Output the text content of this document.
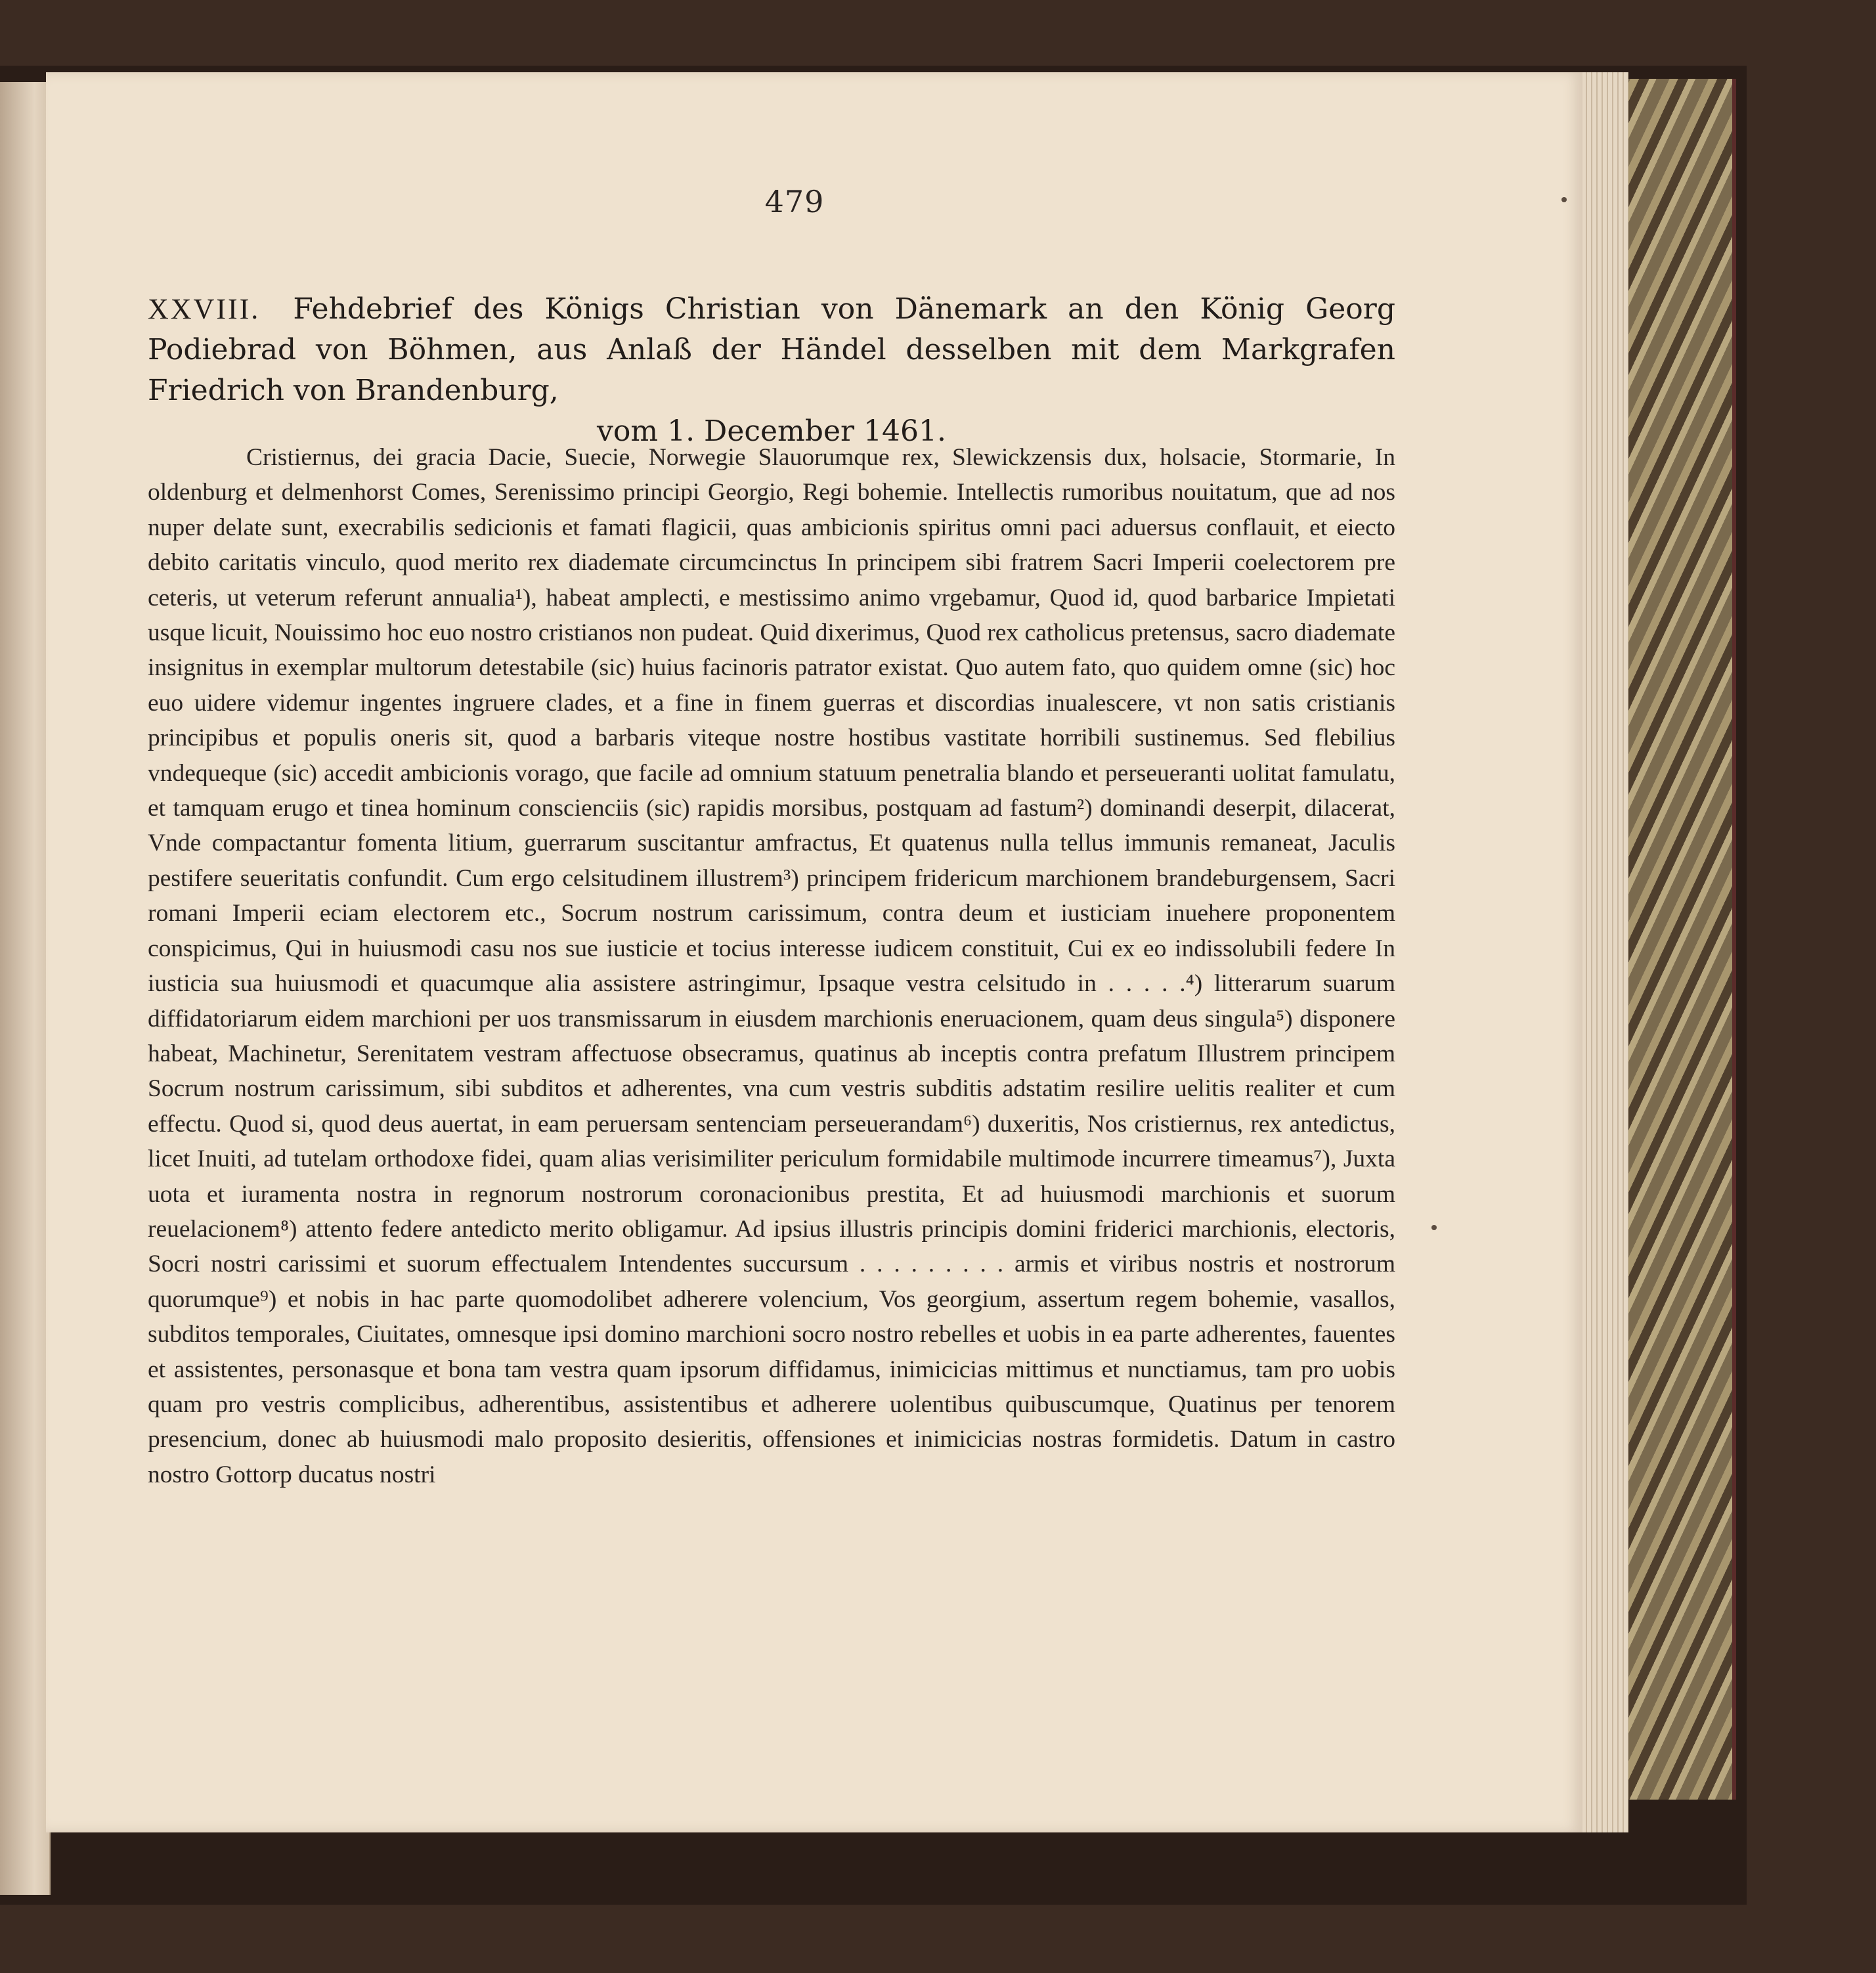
479
XXVIII. Fehdebrief des Königs Christian von Dänemark an den König Georg Podiebrad von Böhmen, aus Anlaß der Händel desselben mit dem Markgrafen Friedrich von Brandenburg,
vom 1. December 1461.

Cristiernus, dei gracia Dacie, Suecie, Norwegie Slauorumque rex, Slewickzensis dux, holsacie, Stormarie, In oldenburg et delmenhorst Comes, Serenissimo principi Georgio, Regi bohemie. Intellectis rumoribus nouitatum, que ad nos nuper delate sunt, execrabilis sedicionis et famati flagicii, quas ambicionis spiritus omni paci aduersus conflauit, et eiecto debito caritatis vinculo, quod merito rex diademate circumcinctus In principem sibi fratrem Sacri Imperii coelectorem pre ceteris, ut veterum referunt annualia¹), habeat amplecti, e mestissimo animo vrgebamur, Quod id, quod barbarice Impietati usque licuit, Nouissimo hoc euo nostro cristianos non pudeat. Quid dixerimus, Quod rex catholicus pretensus, sacro diademate insignitus in exemplar multorum detestabile (sic) huius facinoris patrator existat. Quo autem fato, quo quidem omne (sic) hoc euo uidere videmur ingentes ingruere clades, et a fine in finem guerras et discordias inualescere, vt non satis cristianis principibus et populis oneris sit, quod a barbaris viteque nostre hostibus vastitate horribili sustinemus. Sed flebilius vndequeque (sic) accedit ambicionis vorago, que facile ad omnium statuum penetralia blando et perseueranti uolitat famulatu, et tamquam erugo et tinea hominum conscienciis (sic) rapidis morsibus, postquam ad fastum²) dominandi deserpit, dilacerat, Vnde compactantur fomenta litium, guerrarum suscitantur amfractus, Et quatenus nulla tellus immunis remaneat, Jaculis pestifere seueritatis confundit. Cum ergo celsitudinem illustrem³) principem fridericum marchionem brandeburgensem, Sacri romani Imperii eciam electorem etc., Socrum nostrum carissimum, contra deum et iusticiam inuehere proponentem conspicimus, Qui in huiusmodi casu nos sue iusticie et tocius interesse iudicem constituit, Cui ex eo indissolubili federe In iusticia sua huiusmodi et quacumque alia assistere astringimur, Ipsaque vestra celsitudo in . . . . .⁴) litterarum suarum diffidatoriarum eidem marchioni per uos transmissarum in eiusdem marchionis eneruacionem, quam deus singula⁵) disponere habeat, Machinetur, Serenitatem vestram affectuose obsecramus, quatinus ab inceptis contra prefatum Illustrem principem Socrum nostrum carissimum, sibi subditos et adherentes, vna cum vestris subditis adstatim resilire uelitis realiter et cum effectu. Quod si, quod deus auertat, in eam peruersam sentenciam perseuerandam⁶) duxeritis, Nos cristiernus, rex antedictus, licet Inuiti, ad tutelam orthodoxe fidei, quam alias verisimiliter periculum formidabile multimode incurrere timeamus⁷), Juxta uota et iuramenta nostra in regnorum nostrorum coronacionibus prestita, Et ad huiusmodi marchionis et suorum reuelacionem⁸) attento federe antedicto merito obligamur. Ad ipsius illustris principis domini friderici marchionis, electoris, Socri nostri carissimi et suorum effectualem Intendentes succursum . . . . . . . . . armis et viribus nostris et nostrorum quorumque⁹) et nobis in hac parte quomodolibet adherere volencium, Vos georgium, assertum regem bohemie, vasallos, subditos temporales, Ciuitates, omnesque ipsi domino marchioni socro nostro rebelles et uobis in ea parte adherentes, fauentes et assistentes, personasque et bona tam vestra quam ipsorum diffidamus, inimicicias mittimus et nunctiamus, tam pro uobis quam pro vestris complicibus, adherentibus, assistentibus et adherere uolentibus quibuscumque, Quatinus per tenorem presencium, donec ab huiusmodi malo proposito desieritis, offensiones et inimicicias nostras formidetis. Datum in castro nostro Gottorp ducatus nostri
